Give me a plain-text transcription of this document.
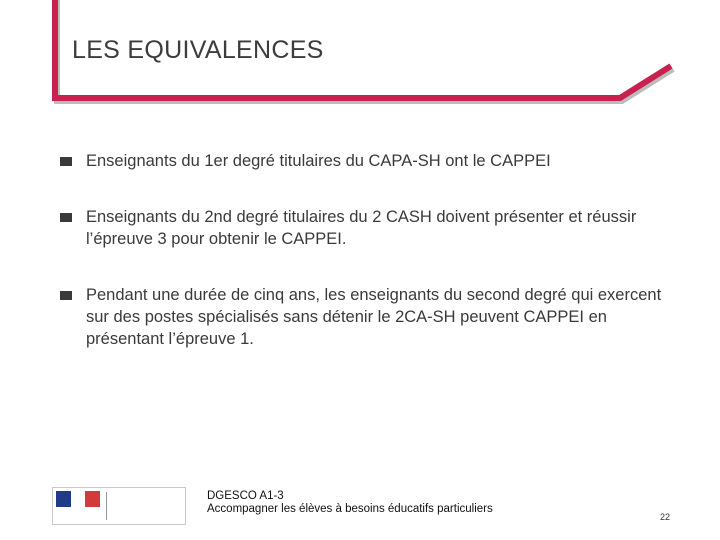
LES EQUIVALENCES
Enseignants du 1er degré titulaires du CAPA-SH ont le CAPPEI
Enseignants du 2nd degré titulaires du 2 CASH doivent présenter et réussir l’épreuve 3 pour obtenir le CAPPEI.
Pendant une durée de cinq ans, les enseignants du second degré qui exercent sur des postes spécialisés sans détenir le 2CA-SH peuvent CAPPEI en présentant l’épreuve 1.
DGESCO A1-3
Accompagner les élèves à besoins éducatifs particuliers
22
